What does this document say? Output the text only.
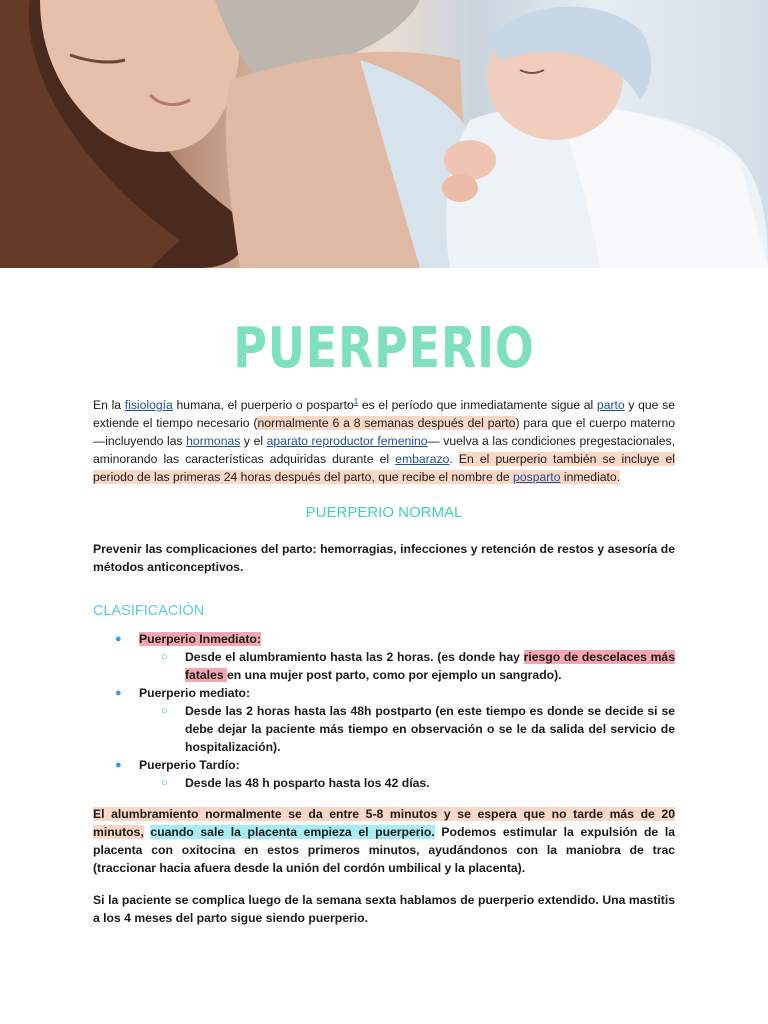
PUERPERIO

En la fisiología humana, el puerperio o posparto$^1$ es el período que inmediatamente sigue al parto y que se extiende el tiempo necesario (normalmente 6 a 8 semanas después del parto) para que el cuerpo materno —incluyendo las hormonas y el aparato reproductor femenino— vuelva a las condiciones pregestacionales, aminorando las características adquiridas durante el embarazo. En el puerperio también se incluye el periodo de las primeras 24 horas después del parto, que recibe el nombre de posparto inmediato.

PUERPERIO NORMAL

Prevenir las complicaciones del parto: hemorragias, infecciones y retención de restos y asesoría de métodos anticonceptivos.

CLASIFICACIÓN
● Puerperio Inmediato:
○ Desde el alumbramiento hasta las 2 horas. (es donde hay riesgo de descelaces más fatales en una mujer post parto, como por ejemplo un sangrado).
● Puerperio mediato:
○ Desde las 2 horas hasta las 48h postparto (en este tiempo es donde se decide si se debe dejar la paciente más tiempo en observación o se le da salida del servicio de hospitalización).
● Puerperio Tardío:
○ Desde las 48 h posparto hasta los 42 días.

El alumbramiento normalmente se da entre 5-8 minutos y se espera que no tarde más de 20 minutos, cuando sale la placenta empieza el puerperio. Podemos estimular la expulsión de la placenta con oxitocina en estos primeros minutos, ayudándonos con la maniobra de trac (traccionar hacia afuera desde la unión del cordón umbilical y la placenta).

Si la paciente se complica luego de la semana sexta hablamos de puerperio extendido. Una mastitis a los 4 meses del parto sigue siendo puerperio.
